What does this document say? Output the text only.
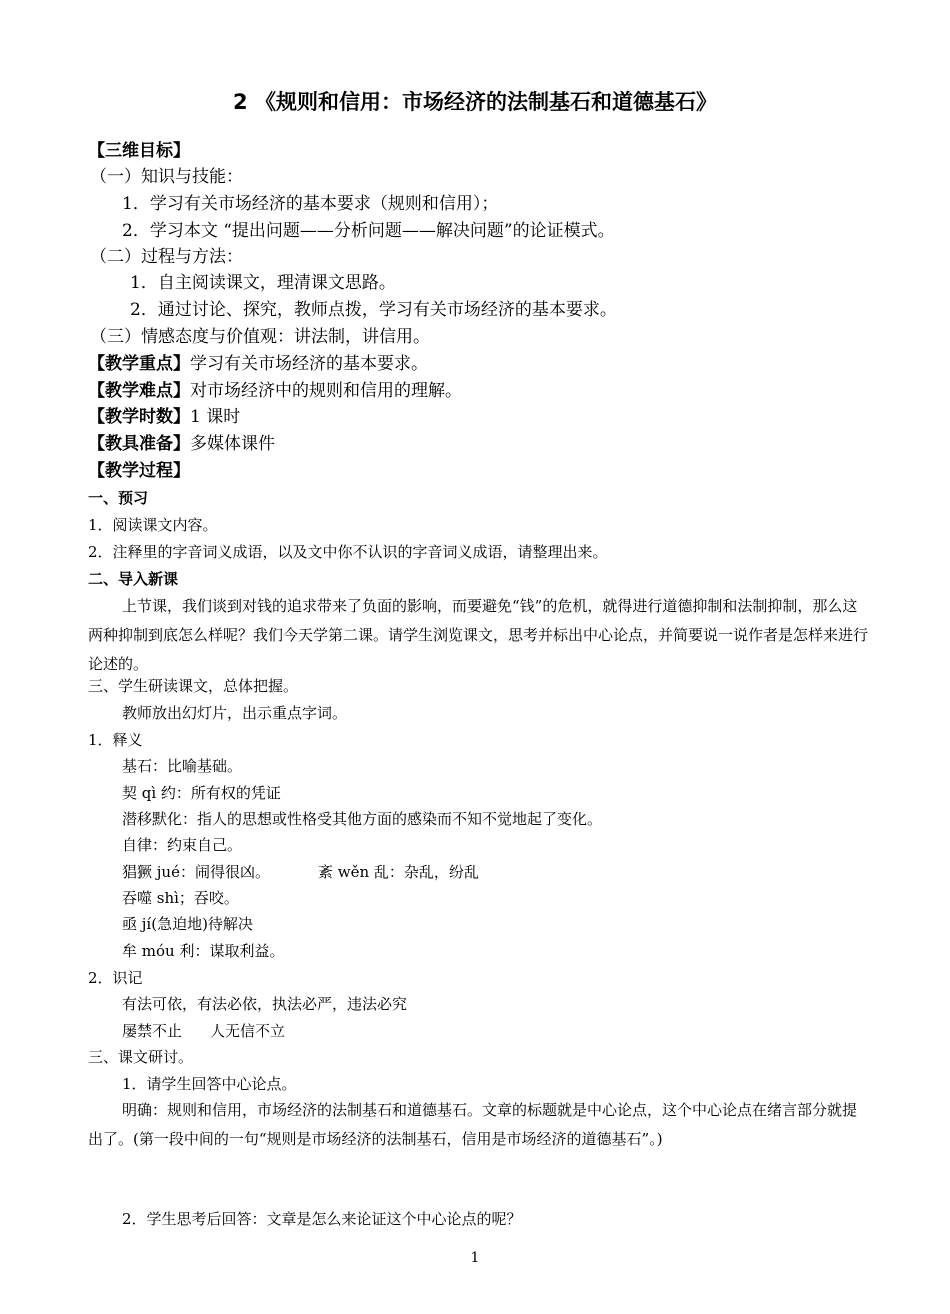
2 《规则和信用：市场经济的法制基石和道德基石》
【三维目标】
（一）知识与技能：
1．学习有关市场经济的基本要求（规则和信用）；
2．学习本文 “提出问题——分析问题——解决问题”的论证模式。
（二）过程与方法：
1．自主阅读课文，理清课文思路。
2．通过讨论、探究，教师点拨，学习有关市场经济的基本要求。
（三）情感态度与价值观：讲法制，讲信用。
【教学重点】学习有关市场经济的基本要求。
【教学难点】对市场经济中的规则和信用的理解。
【教学时数】1 课时
【教具准备】多媒体课件
【教学过程】
一、预习
1．阅读课文内容。
2．注释里的字音词义成语，以及文中你不认识的字音词义成语，请整理出来。
二、导入新课
上节课，我们谈到对钱的追求带来了负面的影响，而要避免“钱”的危机，就得进行道德抑制和法制抑制，那么这两种抑制到底怎么样呢？我们今天学第二课。请学生浏览课文，思考并标出中心论点，并简要说一说作者是怎样来进行论述的。
三、学生研读课文，总体把握。
教师放出幻灯片，出示重点字词。
1．释义
基石：比喻基础。
契 qì 约：所有权的凭证
潜移默化：指人的思想或性格受其他方面的感染而不知不觉地起了变化。
自律：约束自己。
猖獗 jué：闹得很凶。	紊 wěn 乱：杂乱，纷乱
吞噬 shì；吞咬。
亟 jí(急迫地)待解决
牟 móu 利：谋取利益。
2．识记
有法可依，有法必依，执法必严，违法必究
屡禁不止 人无信不立
三、课文研讨。
1．请学生回答中心论点。
明确：规则和信用，市场经济的法制基石和道德基石。文章的标题就是中心论点，这个中心论点在绪言部分就提出了。(第一段中间的一句“规则是市场经济的法制基石，信用是市场经济的道德基石”。)
2．学生思考后回答：文章是怎么来论证这个中心论点的呢？
1
